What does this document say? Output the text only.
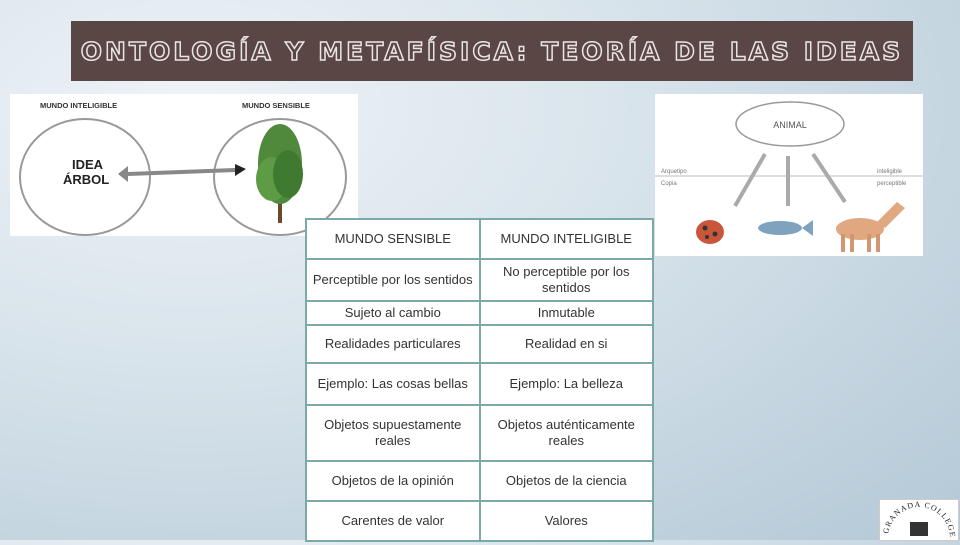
ONTOLOGÍA Y METAFÍSICA: TEORÍA DE LAS IDEAS
MUNDO INTELIGIBLE	MUNDO SENSIBLE
IDEA
ÁRBOL
ANIMAL
Arquetipo
Copia
inteligible
perceptible
MUNDO SENSIBLE	MUNDO INTELIGIBLE
Perceptible por los sentidos	No perceptible por los sentidos
Sujeto al cambio	Inmutable
Realidades particulares	Realidad en si
Ejemplo: Las cosas bellas	Ejemplo: La belleza
Objetos supuestamente reales	Objetos auténticamente reales
Objetos de la opinión	Objetos de la ciencia
Carentes de valor	Valores
GRANADA COLLEGE
